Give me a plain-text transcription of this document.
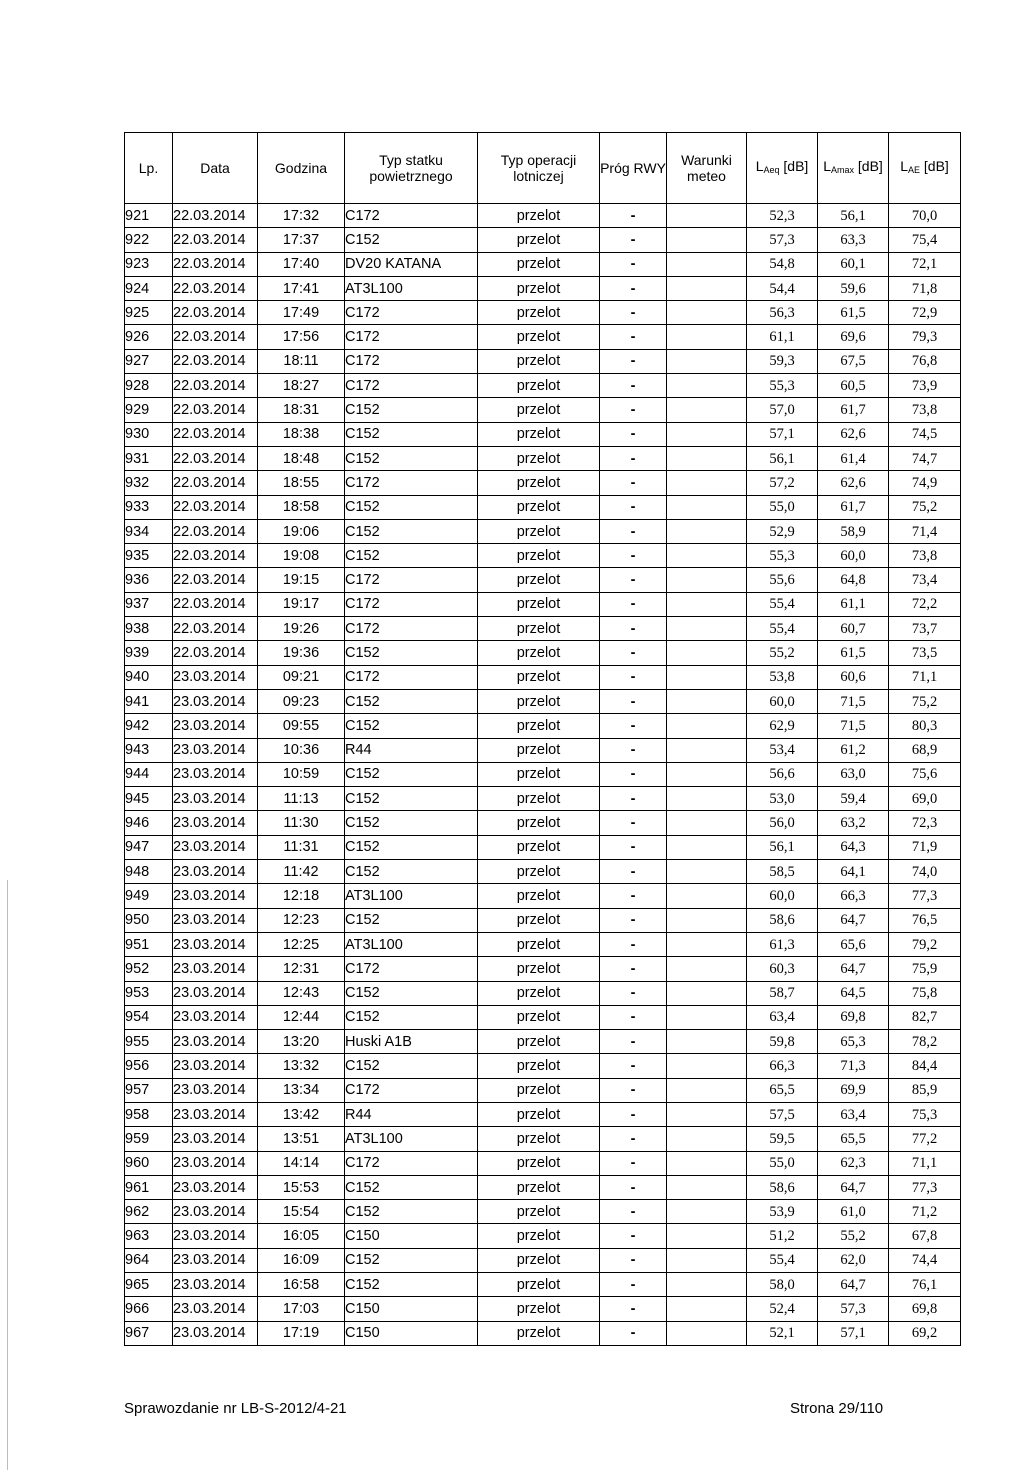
Lp.	Data	Godzina	Typ statku powietrznego	Typ operacji lotniczej	Próg RWY	Warunki meteo	$L_{Aeq}$ [dB]	$L_{Amax}$ [dB]	$L_{AE}$ [dB]
921	22.03.2014	17:32	C172	przelot	-		52,3	56,1	70,0
922	22.03.2014	17:37	C152	przelot	-		57,3	63,3	75,4
923	22.03.2014	17:40	DV20 KATANA	przelot	-		54,8	60,1	72,1
924	22.03.2014	17:41	AT3L100	przelot	-		54,4	59,6	71,8
925	22.03.2014	17:49	C172	przelot	-		56,3	61,5	72,9
926	22.03.2014	17:56	C172	przelot	-		61,1	69,6	79,3
927	22.03.2014	18:11	C172	przelot	-		59,3	67,5	76,8
928	22.03.2014	18:27	C172	przelot	-		55,3	60,5	73,9
929	22.03.2014	18:31	C152	przelot	-		57,0	61,7	73,8
930	22.03.2014	18:38	C152	przelot	-		57,1	62,6	74,5
931	22.03.2014	18:48	C152	przelot	-		56,1	61,4	74,7
932	22.03.2014	18:55	C172	przelot	-		57,2	62,6	74,9
933	22.03.2014	18:58	C152	przelot	-		55,0	61,7	75,2
934	22.03.2014	19:06	C152	przelot	-		52,9	58,9	71,4
935	22.03.2014	19:08	C152	przelot	-		55,3	60,0	73,8
936	22.03.2014	19:15	C172	przelot	-		55,6	64,8	73,4
937	22.03.2014	19:17	C172	przelot	-		55,4	61,1	72,2
938	22.03.2014	19:26	C172	przelot	-		55,4	60,7	73,7
939	22.03.2014	19:36	C152	przelot	-		55,2	61,5	73,5
940	23.03.2014	09:21	C172	przelot	-		53,8	60,6	71,1
941	23.03.2014	09:23	C152	przelot	-		60,0	71,5	75,2
942	23.03.2014	09:55	C152	przelot	-		62,9	71,5	80,3
943	23.03.2014	10:36	R44	przelot	-		53,4	61,2	68,9
944	23.03.2014	10:59	C152	przelot	-		56,6	63,0	75,6
945	23.03.2014	11:13	C152	przelot	-		53,0	59,4	69,0
946	23.03.2014	11:30	C152	przelot	-		56,0	63,2	72,3
947	23.03.2014	11:31	C152	przelot	-		56,1	64,3	71,9
948	23.03.2014	11:42	C152	przelot	-		58,5	64,1	74,0
949	23.03.2014	12:18	AT3L100	przelot	-		60,0	66,3	77,3
950	23.03.2014	12:23	C152	przelot	-		58,6	64,7	76,5
951	23.03.2014	12:25	AT3L100	przelot	-		61,3	65,6	79,2
952	23.03.2014	12:31	C172	przelot	-		60,3	64,7	75,9
953	23.03.2014	12:43	C152	przelot	-		58,7	64,5	75,8
954	23.03.2014	12:44	C152	przelot	-		63,4	69,8	82,7
955	23.03.2014	13:20	Huski A1B	przelot	-		59,8	65,3	78,2
956	23.03.2014	13:32	C152	przelot	-		66,3	71,3	84,4
957	23.03.2014	13:34	C172	przelot	-		65,5	69,9	85,9
958	23.03.2014	13:42	R44	przelot	-		57,5	63,4	75,3
959	23.03.2014	13:51	AT3L100	przelot	-		59,5	65,5	77,2
960	23.03.2014	14:14	C172	przelot	-		55,0	62,3	71,1
961	23.03.2014	15:53	C152	przelot	-		58,6	64,7	77,3
962	23.03.2014	15:54	C152	przelot	-		53,9	61,0	71,2
963	23.03.2014	16:05	C150	przelot	-		51,2	55,2	67,8
964	23.03.2014	16:09	C152	przelot	-		55,4	62,0	74,4
965	23.03.2014	16:58	C152	przelot	-		58,0	64,7	76,1
966	23.03.2014	17:03	C150	przelot	-		52,4	57,3	69,8
967	23.03.2014	17:19	C150	przelot	-		52,1	57,1	69,2
Sprawozdanie nr LB-S-2012/4-21	Strona 29/110
